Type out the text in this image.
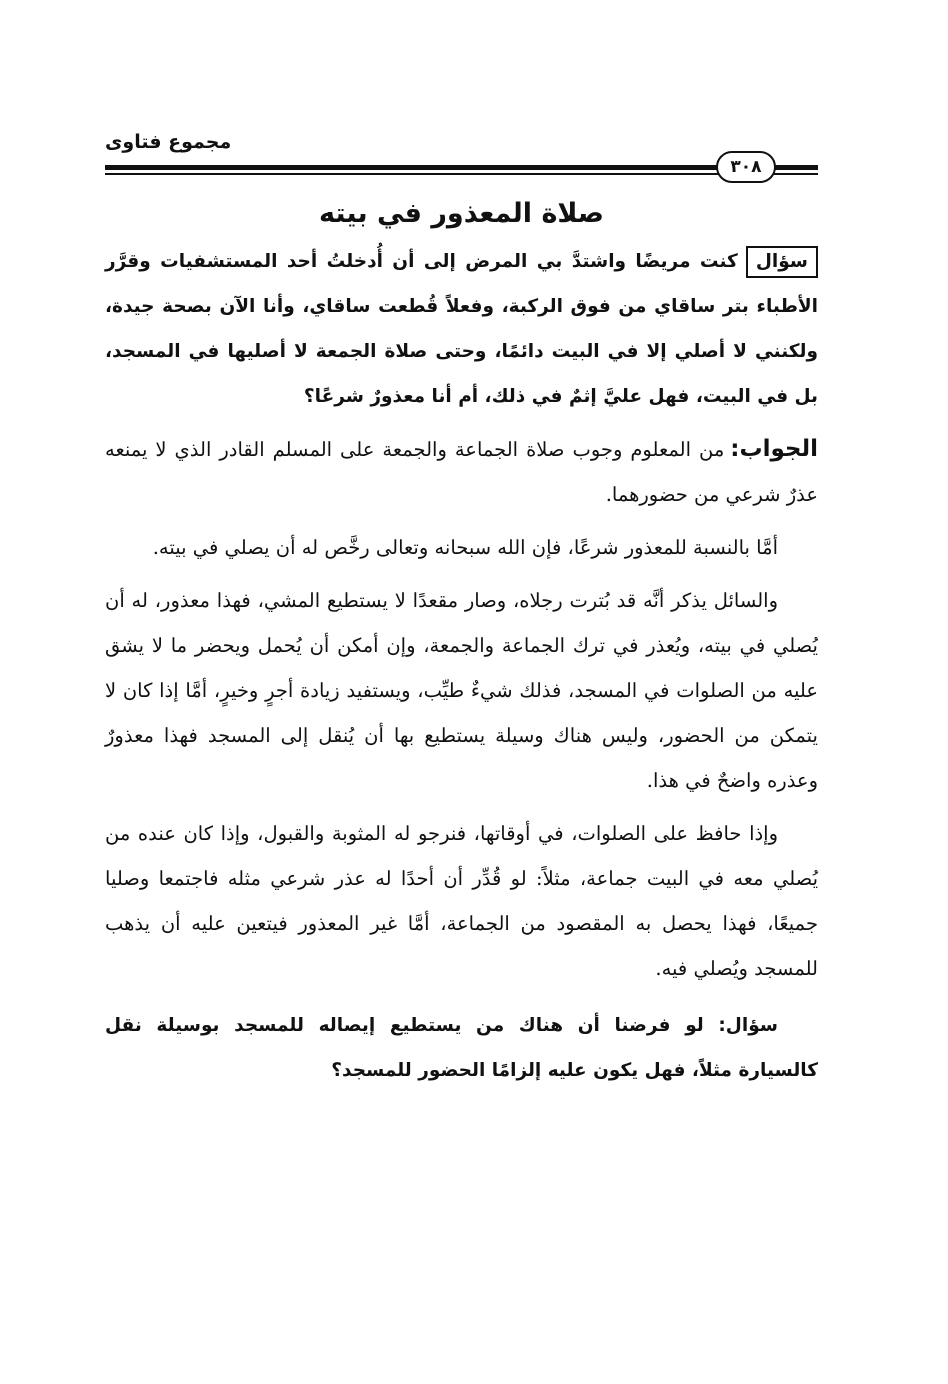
مجموع فتاوى
٣٠٨
صلاة المعذور في بيته

سؤالكنت مريضًا واشتدَّ بي المرض إلى أن أُدخلتُ أحد المستشفيات وقرَّر الأطباء بتر ساقاي من فوق الركبة، وفعلاً قُطعت ساقاي، وأنا الآن بصحة جيدة، ولكنني لا أصلي إلا في البيت دائمًا، وحتى صلاة الجمعة لا أصليها في المسجد، بل في البيت، فهل عليَّ إثمٌ في ذلك، أم أنا معذورٌ شرعًا؟

الجواب:من المعلوم وجوب صلاة الجماعة والجمعة على المسلم القادر الذي لا يمنعه عذرٌ شرعي من حضورهما.

أمَّا بالنسبة للمعذور شرعًا، فإن الله سبحانه وتعالى رخَّص له أن يصلي في بيته.

والسائل يذكر أنَّه قد بُترت رجلاه، وصار مقعدًا لا يستطيع المشي، فهذا معذور، له أن يُصلي في بيته، ويُعذر في ترك الجماعة والجمعة، وإن أمكن أن يُحمل ويحضر ما لا يشق عليه من الصلوات في المسجد، فذلك شيءٌ طيِّب، ويستفيد زيادة أجرٍ وخيرٍ، أمَّا إذا كان لا يتمكن من الحضور، وليس هناك وسيلة يستطيع بها أن يُنقل إلى المسجد فهذا معذورٌ وعذره واضحٌ في هذا.

وإذا حافظ على الصلوات، في أوقاتها، فنرجو له المثوبة والقبول، وإذا كان عنده من يُصلي معه في البيت جماعة، مثلاً: لو قُدِّر أن أحدًا له عذر شرعي مثله فاجتمعا وصليا جميعًا، فهذا يحصل به المقصود من الجماعة، أمَّا غير المعذور فيتعين عليه أن يذهب للمسجد ويُصلي فيه.

سؤال: لو فرضنا أن هناك من يستطيع إيصاله للمسجد بوسيلة نقل كالسيارة مثلاً، فهل يكون عليه إلزامًا الحضور للمسجد؟
